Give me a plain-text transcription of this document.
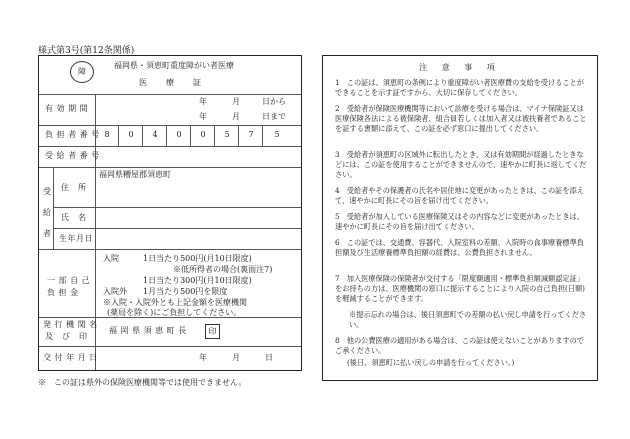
様式第3号(第12条関係)
障
福岡県・須恵町重度障がい者医療
医　　療　　証
有 効 期 間
年	月	日から
年	月	日まで
負 担 者 番 号 8	0	4	0	0	5	7	5
受 給 者 番 号
受 給 者
住　所
福岡県糟屋郡須恵町
氏　名
生年月日
一 部 自 己
負 担 金
入院	1日当たり500円(月10日限度)
※低所得者の場合(裏面注7)
1日当たり300円(月10日限度)
入院外 1月当たり500円を限度
※入院・入院外とも上記金額を医療機関
(薬局を除く)にご負担してください。
発 行 機 関 名
及　び　印
福 岡 県 須 恵 町 長	印
交 付 年 月 日	年	月	日
※　この証は県外の保険医療機関等では使用できません。
注 意 事 項
1　この証は、須恵町の条例により重度障がい者医療費の支給を受けることができることを示す証ですから、大切に保存してください。
2　受給者が保険医療機関等において診療を受ける場合は、マイナ保険証又は医療保険各法による被保険者、組合員若しくは加入者又は被扶養者であることを証する書類に添えて、この証を必ず窓口に提出してください。
3　受給者が須恵町の区域外に転出したとき、又は有効期間が経過したときなどには、この証を使用することができませんので、速やかに町長に返してください。
4　受給者やその保護者の氏名や居住地に変更があったときは、この証を添えて、速やかに町長にその旨を届け出てください。
5　受給者が加入している医療保険又はその内容などに変更があったときは、速やかに町長にその旨を届け出てください。
6　この証では、交通費、容器代、入院室料の差額、入院時の食事療養標準負担額及び生活療養標準負担額の経費は、公費負担されません。
7　加入医療保険の保険者が交付する「限度額適用・標準負担額減額認定証」をお持ちの方は、医療機関の窓口に提示することにより入院の自己負担(日額)を軽減することができます。
※提示忘れの場合は、後日須恵町での差額の払い戻し申請を行ってください。
8　他の公費医療の適用がある場合は、この証は使えないことがありますのでご承ください。
(後日、須恵町に払い戻しの申請を行ってください。)
